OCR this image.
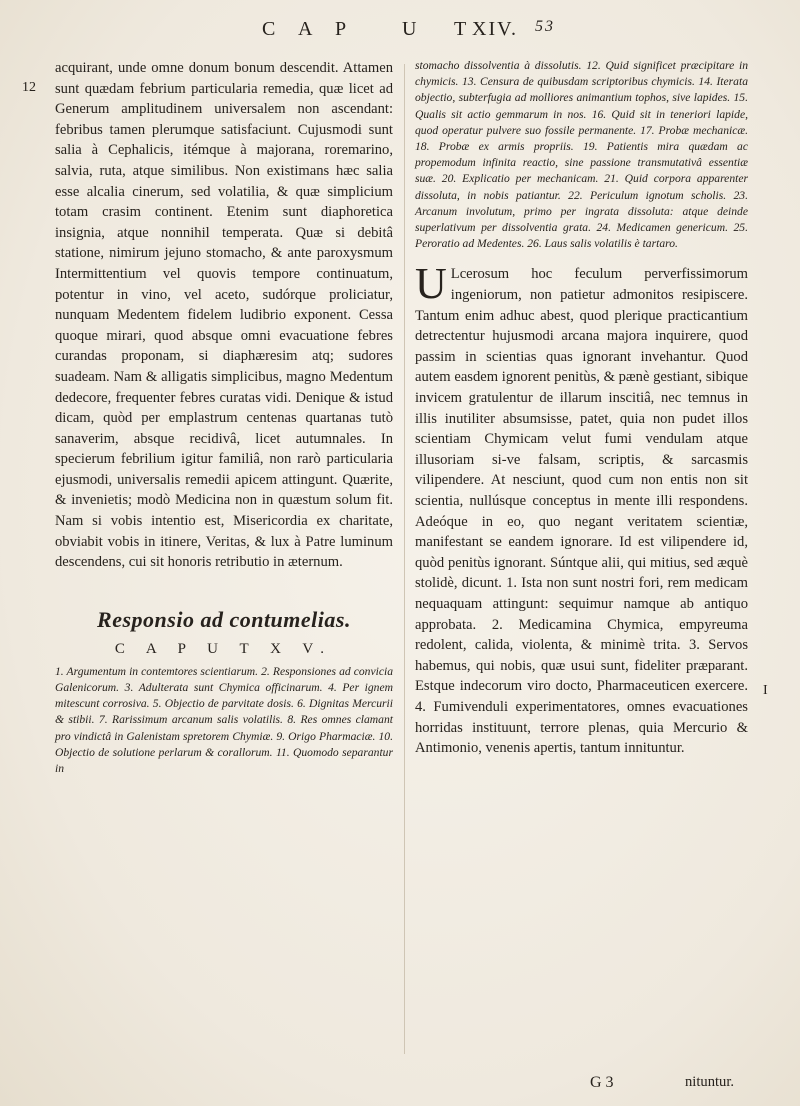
C A P	U T XIV. 53
12
I

acquirant, unde omne donum bonum descendit. Attamen sunt quædam febrium particularia remedia, quæ licet ad Generum amplitudinem universalem non ascendant: febribus tamen plerumque satisfaciunt. Cujusmodi sunt salia à Cephalicis, itémque à majorana, roremarino, salvia, ruta, atque similibus. Non existimans hæc salia esse alcalia cinerum, sed volatilia, & quæ simplicium totam crasim continent. Etenim sunt diaphoretica insignia, atque nonnihil temperata. Quæ si debitâ statione, nimirum jejuno stomacho, & ante paroxysmum Intermittentium vel quovis tempore continuatum, potentur in vino, vel aceto, sudórque proliciatur, nunquam Medentem fidelem ludibrio exponent. Cessa quoque mirari, quod absque omni evacuatione febres curandas proponam, si diaphæresim atq; sudores suadeam. Nam & alligatis simplicibus, magno Medentum dedecore, frequenter febres curatas vidi. Denique & istud dicam, quòd per emplastrum centenas quartanas tutò sanaverim, absque recidivâ, licet autumnales. In specierum febrilium igitur familiâ, non rarò particularia ejusmodi, universalis remedii apicem attingunt. Quærite, & invenietis; modò Medicina non in quæstum solum fit. Nam si vobis intentio est, Misericordia ex charitate, obviabit vobis in itinere, Veritas, & lux à Patre luminum descendens, cui sit honoris retributio in æternum.

Responsio ad contumelias.
C A P U T X V.

1. Argumentum in contemtores scientiarum. 2. Responsiones ad convicia Galenicorum. 3. Adulterata sunt Chymica officinarum. 4. Per ignem mitescunt corrosiva. 5. Objectio de parvitate dosis. 6. Dignitas Mercurii & stibii. 7. Rarissimum arcanum salis volatilis. 8. Res omnes clamant pro vindictâ in Galenistam spretorem Chymiæ. 9. Origo Pharmaciæ. 10. Objectio de solutione perlarum & corallorum. 11. Quomodo separantur in

stomacho dissolventia à dissolutis. 12. Quid significet præcipitare in chymicis. 13. Censura de quibusdam scriptoribus chymicis. 14. Iterata objectio, subterfugia ad molliores animantium tophos, sive lapides. 15. Qualis sit actio gemmarum in nos. 16. Quid sit in teneriori lapide, quod operatur pulvere suo fossile permanente. 17. Probæ mechanicæ. 18. Probæ ex armis propriis. 19. Patientis mira quædam ac propemodum infinita reactio, sine passione transmutativâ essentiæ suæ. 20. Explicatio per mechanicam. 21. Quid corpora apparenter dissoluta, in nobis patiantur. 22. Periculum ignotum scholis. 23. Arcanum involutum, primo per ingrata dissoluta: atque deinde superlativum per dissolventia grata. 24. Medicamen genericum. 25. Peroratio ad Medentes. 26. Laus salis volatilis è tartaro.

U Lcerosum hoc feculum perverfissimorum ingeniorum, non patietur admonitos resipiscere. Tantum enim adhuc abest, quod plerique practicantium detrectentur hujusmodi arcana majora inquirere, quod passim in scientias quas ignorant invehantur. Quod autem easdem ignorent penitùs, & pænè gestiant, sibique invicem gratulentur de illarum inscitiâ, nec temnus in illis inutiliter absumsisse, patet, quia non pudet illos scientiam Chymicam velut fumi vendulam atque illusoriam si-ve falsam, scriptis, & sarcasmis vilipendere. At nesciunt, quod cum non entis non sit scientia, nullúsque conceptus in mente illi respondens. Adeóque in eo, quo negant veritatem scientiæ, manifestant se eandem ignorare. Id est vilipendere id, quòd penitùs ignorant. Súntque alii, qui mitius, sed æquè stolidè, dicunt. 1. Ista non sunt nostri fori, rem medicam nequaquam attingunt: sequimur namque ab antiquo approbata. 2. Medicamina Chymica, empyreuma redolent, calida, violenta, & minimè trita. 3. Servos habemus, qui nobis, quæ usui sunt, fideliter præparant. Estque indecorum viro docto, Pharmaceuticen exercere. 4. Fumivenduli experimentatores, omnes evacuationes horridas instituunt, terrore plenas, quia Mercurio & Antimonio, venenis apertis, tantum innituntur.

G 3	nituntur.
